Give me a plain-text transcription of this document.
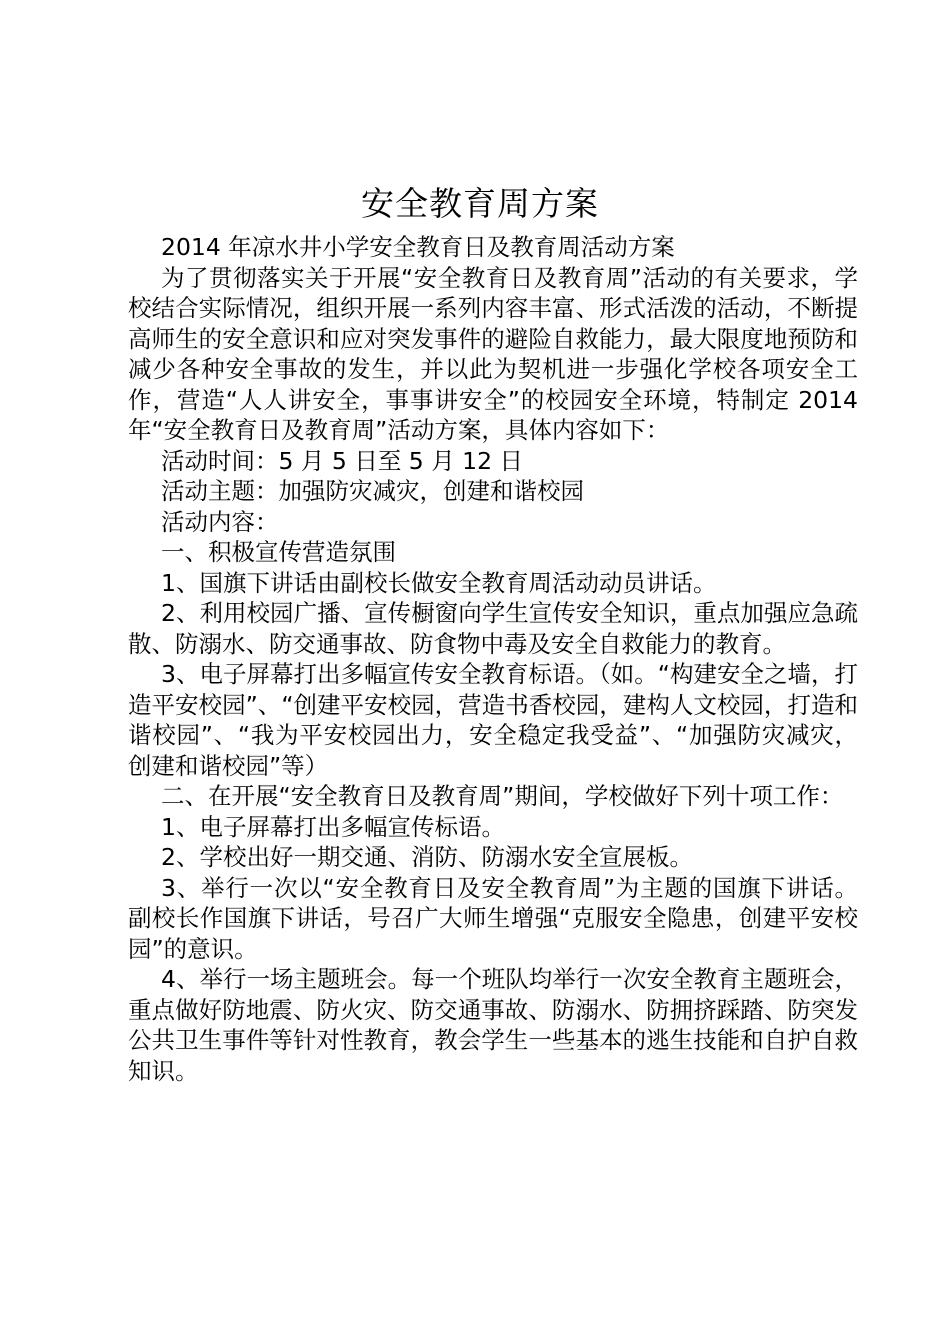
安全教育周方案

2014 年凉水井小学安全教育日及教育周活动方案

为了贯彻落实关于开展“安全教育日及教育周”活动的有关要求，学校结合实际情况，组织开展一系列内容丰富、形式活泼的活动，不断提高师生的安全意识和应对突发事件的避险自救能力，最大限度地预防和减少各种安全事故的发生，并以此为契机进一步强化学校各项安全工作，营造“人人讲安全，事事讲安全”的校园安全环境，特制定 2014 年“安全教育日及教育周”活动方案，具体内容如下：

活动时间：5 月 5 日至 5 月 12 日

活动主题：加强防灾减灾，创建和谐校园

活动内容：

一、积极宣传营造氛围

1、国旗下讲话由副校长做安全教育周活动动员讲话。

2、利用校园广播、宣传橱窗向学生宣传安全知识，重点加强应急疏散、防溺水、防交通事故、防食物中毒及安全自救能力的教育。

3、电子屏幕打出多幅宣传安全教育标语。（如。“构建安全之墙，打造平安校园”、“创建平安校园，营造书香校园，建构人文校园，打造和谐校园”、“我为平安校园出力，安全稳定我受益”、“加强防灾减灾，创建和谐校园”等）

二、在开展“安全教育日及教育周”期间，学校做好下列十项工作：

1、电子屏幕打出多幅宣传标语。

2、学校出好一期交通、消防、防溺水安全宣展板。

3、举行一次以“安全教育日及安全教育周”为主题的国旗下讲话。副校长作国旗下讲话，号召广大师生增强“克服安全隐患，创建平安校园”的意识。

4、举行一场主题班会。每一个班队均举行一次安全教育主题班会，重点做好防地震、防火灾、防交通事故、防溺水、防拥挤踩踏、防突发公共卫生事件等针对性教育，教会学生一些基本的逃生技能和自护自救知识。
